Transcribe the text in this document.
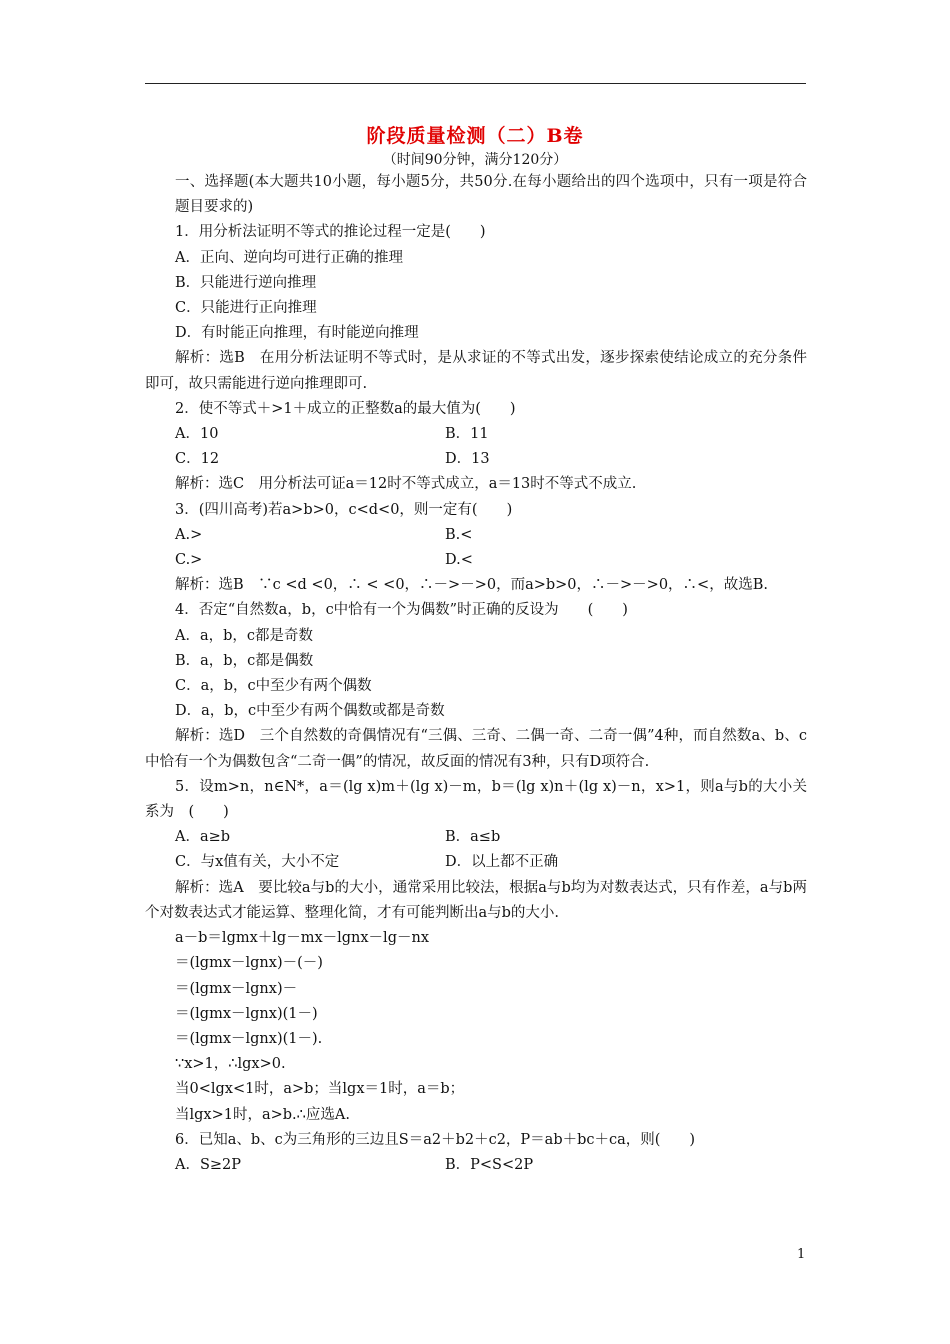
阶段质量检测（二）B卷
（时间90分钟，满分120分）

一、选择题(本大题共10小题，每小题5分，共50分.在每小题给出的四个选项中，只有一项是符合题目要求的)

1．用分析法证明不等式的推论过程一定是(　　)

A．正向、逆向均可进行正确的推理

B．只能进行逆向推理

C．只能进行正向推理

D．有时能正向推理，有时能逆向推理

解析：选B　在用分析法证明不等式时，是从求证的不等式出发，逐步探索使结论成立的充分条件即可，故只需能进行逆向推理即可.

2．使不等式＋>1＋成立的正整数a的最大值为(　　)

A．10	B．11
C．12	D．13

解析：选C　用分析法可证a＝12时不等式成立，a＝13时不等式不成立.

3．(四川高考)若a>b>0，c<d<0，则一定有(　　)

A.>	B.<
C.>	D.<

解析：选B　∵c <d <0，∴ < <0，∴－>－>0，而a>b>0，∴－>－>0，∴<，故选B.

4．否定“自然数a，b，c中恰有一个为偶数”时正确的反设为　　(　　)

A．a，b，c都是奇数

B．a，b，c都是偶数

C．a，b，c中至少有两个偶数

D．a，b，c中至少有两个偶数或都是奇数

解析：选D　三个自然数的奇偶情况有“三偶、三奇、二偶一奇、二奇一偶”4种，而自然数a、b、c中恰有一个为偶数包含“二奇一偶”的情况，故反面的情况有3种，只有D项符合.

5．设m>n，n∈N*，a＝(lg x)m＋(lg x)－m，b＝(lg x)n＋(lg x)－n，x>1，则a与b的大小关系为　(　　)

A．a≥b	B．a≤b
C．与x值有关，大小不定	D．以上都不正确

解析：选A　要比较a与b的大小，通常采用比较法，根据a与b均为对数表达式，只有作差，a与b两个对数表达式才能运算、整理化简，才有可能判断出a与b的大小.

a－b＝lgmx＋lg－mx－lgnx－lg－nx

＝(lgmx－lgnx)－(－)

＝(lgmx－lgnx)－

＝(lgmx－lgnx)(1－)

＝(lgmx－lgnx)(1－).

∵x>1，∴lgx>0.

当0<lgx<1时，a>b；当lgx＝1时，a＝b；

当lgx>1时，a>b.∴应选A.

6．已知a、b、c为三角形的三边且S＝a2＋b2＋c2，P＝ab＋bc＋ca，则(　　)

A．S≥2P	B．P<S<2P
1
